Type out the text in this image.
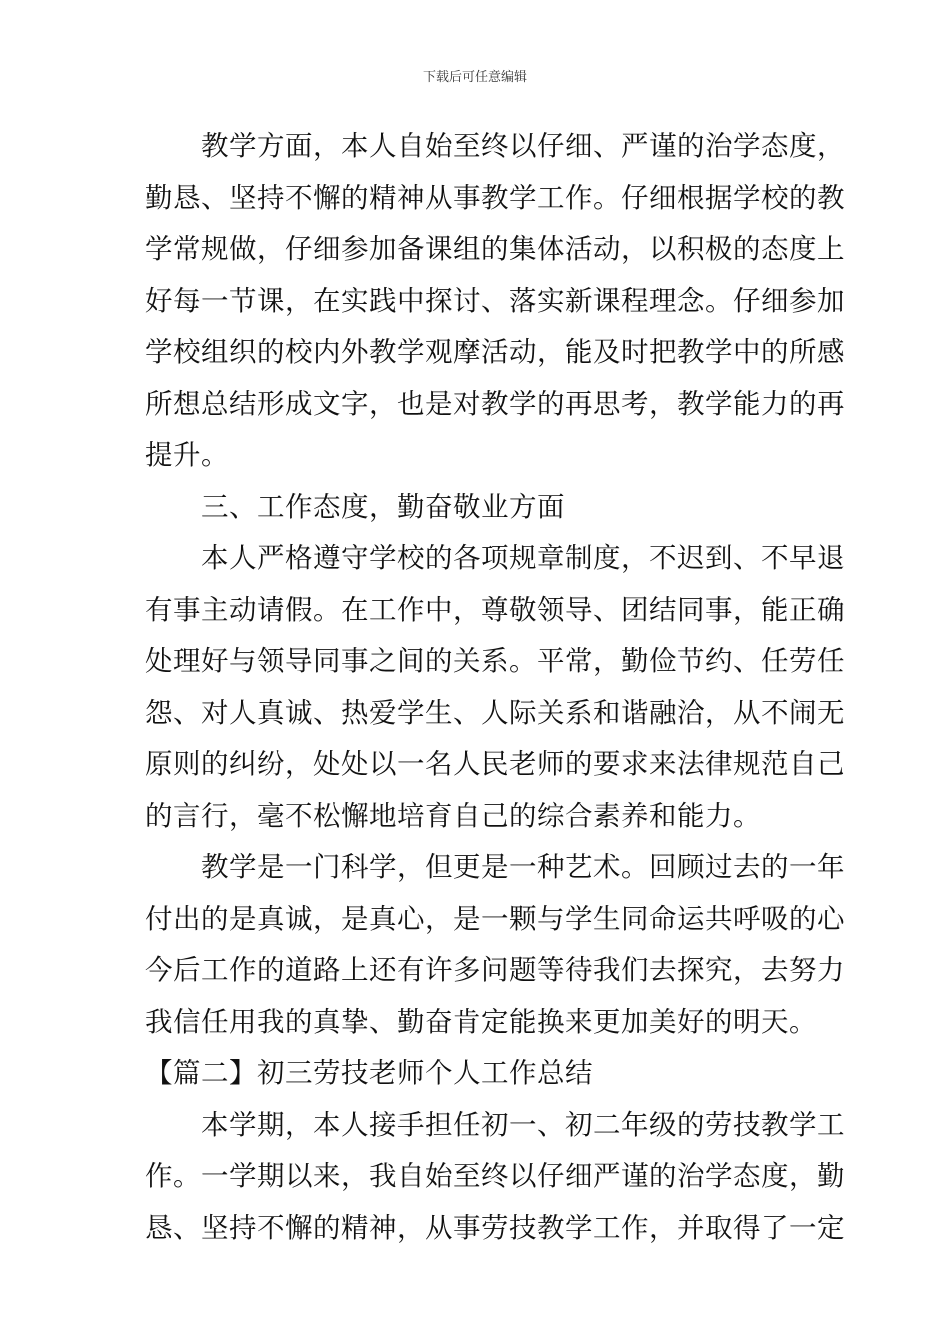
下载后可任意编辑
教学方面，本人自始至终以仔细、严谨的治学态度，
勤恳、坚持不懈的精神从事教学工作。仔细根据学校的教
学常规做，仔细参加备课组的集体活动，以积极的态度上
好每一节课，在实践中探讨、落实新课程理念。仔细参加
学校组织的校内外教学观摩活动，能及时把教学中的所感
所想总结形成文字，也是对教学的再思考，教学能力的再
提升。
三、工作态度，勤奋敬业方面
本人严格遵守学校的各项规章制度，不迟到、不早退
有事主动请假。在工作中，尊敬领导、团结同事，能正确
处理好与领导同事之间的关系。平常，勤俭节约、任劳任
怨、对人真诚、热爱学生、人际关系和谐融洽，从不闹无
原则的纠纷，处处以一名人民老师的要求来法律规范自己
的言行，毫不松懈地培育自己的综合素养和能力。
教学是一门科学，但更是一种艺术。回顾过去的一年
付出的是真诚，是真心，是一颗与学生同命运共呼吸的心
今后工作的道路上还有许多问题等待我们去探究，去努力
我信任用我的真挚、勤奋肯定能换来更加美好的明天。
【篇二】初三劳技老师个人工作总结
本学期，本人接手担任初一、初二年级的劳技教学工
作。一学期以来，我自始至终以仔细严谨的治学态度，勤
恳、坚持不懈的精神，从事劳技教学工作，并取得了一定
